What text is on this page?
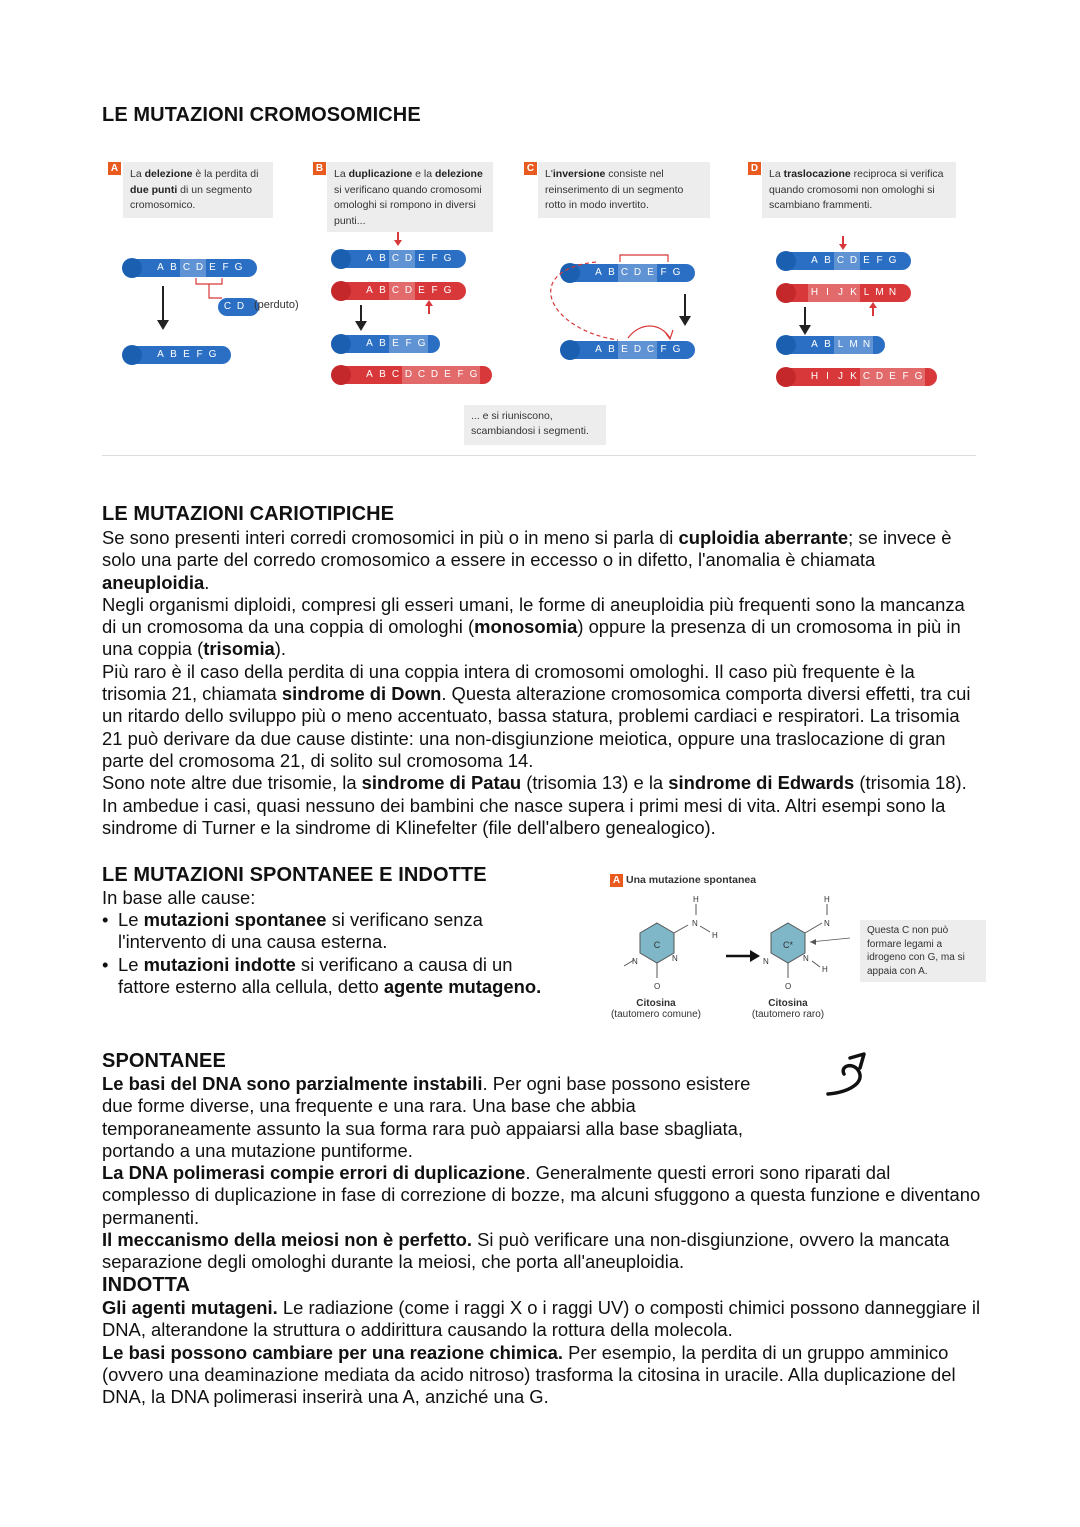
LE MUTAZIONI CROMOSOMICHE
A	La delezione è la perdita di due punti di un segmento cromosomico.
B	La duplicazione e la delezione si verificano quando cromosomi omologhi si rompono in diversi punti...
C	L'inversione consiste nel reinserimento di un segmento rotto in modo invertito.
D	La traslocazione reciproca si verifica quando cromosomi non omologhi si scambiano frammenti.
A B C D E F G
C D
A B E F G
A B C D E F G
A B C D E F G
A B E F G
A B C D C D E F G
A B C D E F G
A B E D C F G
A B C D E F G
H I J K L M N
A B L M N
H I J K C D E F G
(perduto)
... e si riuniscono, scambiandosi i segmenti.
LE MUTAZIONI CARIOTIPICHE
Se sono presenti interi corredi cromosomici in più o in meno si parla di cuploidia aberrante; se invece è solo una parte del corredo cromosomico a essere in eccesso o in difetto, l'anomalia è chiamata aneuploidia.
Negli organismi diploidi, compresi gli esseri umani, le forme di aneuploidia più frequenti sono la mancanza di un cromosoma da una coppia di omologhi (monosomia) oppure la presenza di un cromosoma in più in una coppia (trisomia).
Più raro è il caso della perdita di una coppia intera di cromosomi omologhi. Il caso più frequente è la trisomia 21, chiamata sindrome di Down. Questa alterazione cromosomica comporta diversi effetti, tra cui un ritardo dello sviluppo più o meno accentuato, bassa statura, problemi cardiaci e respiratori. La trisomia 21 può derivare da due cause distinte: una non-disgiunzione meiotica, oppure una traslocazione di gran parte del cromosoma 21, di solito sul cromosoma 14.
Sono note altre due trisomie, la sindrome di Patau (trisomia 13) e la sindrome di Edwards (trisomia 18). In ambedue i casi, quasi nessuno dei bambini che nasce supera i primi mesi di vita. Altri esempi sono la sindrome di Turner e la sindrome di Klinefelter (file dell'albero genealogico).
LE MUTAZIONI SPONTANEE E INDOTTE
In base alle cause:
• Le mutazioni spontanee si verificano senza l'intervento di una causa esterna.
• Le mutazioni indotte si verificano a causa di un fattore esterno alla cellula, detto agente mutageno.
A Una mutazione spontanea
C
N
H
H
N	N
O
C*
N
H
N	N
H
O
Citosina
(tautomero comune)
Citosina
(tautomero raro)
Questa C non può formare legami a idrogeno con G, ma si appaia con A.
SPONTANEE
Le basi del DNA sono parzialmente instabili. Per ogni base possono esistere due forme diverse, una frequente e una rara. Una base che abbia temporaneamente assunto la sua forma rara può appaiarsi alla base sbagliata, portando a una mutazione puntiforme.
La DNA polimerasi compie errori di duplicazione. Generalmente questi errori sono riparati dal complesso di duplicazione in fase di correzione di bozze, ma alcuni sfuggono a questa funzione e diventano permanenti.
Il meccanismo della meiosi non è perfetto. Si può verificare una non-disgiunzione, ovvero la mancata separazione degli omologhi durante la meiosi, che porta all'aneuploidia.
INDOTTA
Gli agenti mutageni. Le radiazione (come i raggi X o i raggi UV) o composti chimici possono danneggiare il DNA, alterandone la struttura o addirittura causando la rottura della molecola.
Le basi possono cambiare per una reazione chimica. Per esempio, la perdita di un gruppo amminico (ovvero una deaminazione mediata da acido nitroso) trasforma la citosina in uracile. Alla duplicazione del DNA, la DNA polimerasi inserirà una A, anziché una G.
